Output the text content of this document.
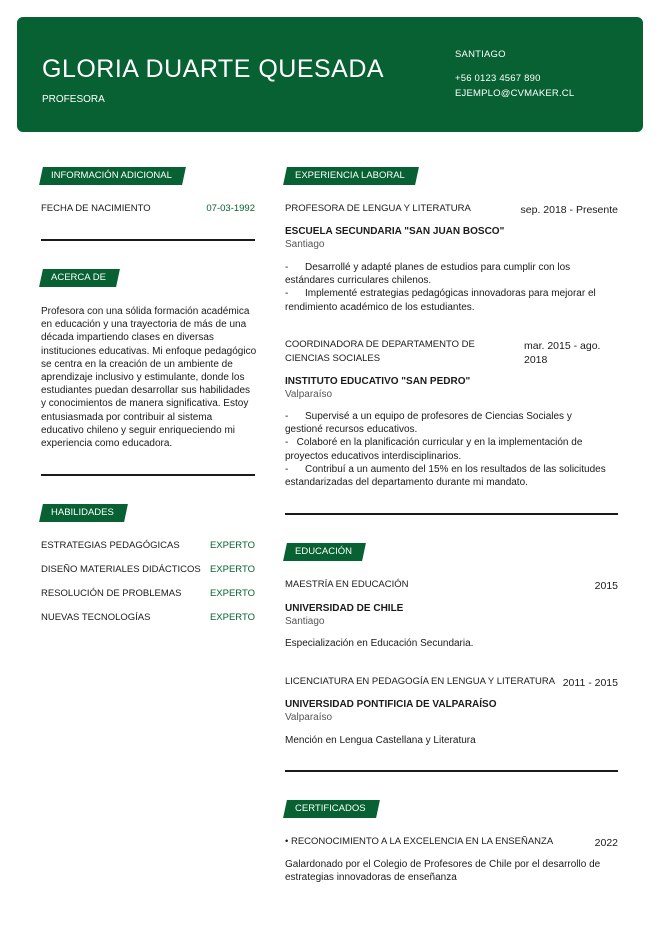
GLORIA DUARTE QUESADA
PROFESORA
SANTIAGO
+56 0123 4567 890
EJEMPLO@CVMAKER.CL
INFORMACIÓN ADICIONAL
FECHA DE NACIMIENTO	07-03-1992
ACERCA DE
Profesora con una sólida formación académica en educación y una trayectoria de más de una década impartiendo clases en diversas instituciones educativas. Mi enfoque pedagógico se centra en la creación de un ambiente de aprendizaje inclusivo y estimulante, donde los estudiantes puedan desarrollar sus habilidades y conocimientos de manera significativa. Estoy entusiasmada por contribuir al sistema educativo chileno y seguir enriqueciendo mi experiencia como educadora.
HABILIDADES
ESTRATEGIAS PEDAGÓGICAS	EXPERTO
DISEÑO MATERIALES DIDÁCTICOS EXPERTO
RESOLUCIÓN DE PROBLEMAS	EXPERTO
NUEVAS TECNOLOGÍAS	EXPERTO
EXPERIENCIA LABORAL
PROFESORA DE LENGUA Y LITERATURA	sep. 2018 - Presente
ESCUELA SECUNDARIA "SAN JUAN BOSCO"
Santiago
-      Desarrollé y adapté planes de estudios para cumplir con los estándares curriculares chilenos.
-      Implementé estrategias pedagógicas innovadoras para mejorar el rendimiento académico de los estudiantes.
COORDINADORA DE DEPARTAMENTO DE CIENCIAS SOCIALES
mar. 2015 - ago. 2018
INSTITUTO EDUCATIVO "SAN PEDRO"
Valparaíso
-      Supervisé a un equipo de profesores de Ciencias Sociales y gestioné recursos educativos.
-   Colaboré en la planificación curricular y en la implementación de proyectos educativos interdisciplinarios.
-      Contribuí a un aumento del 15% en los resultados de las solicitudes estandarizadas del departamento durante mi mandato.
EDUCACIÓN
MAESTRÍA EN EDUCACIÓN	2015
UNIVERSIDAD DE CHILE
Santiago
Especialización en Educación Secundaria.
LICENCIATURA EN PEDAGOGÍA EN LENGUA Y LITERATURA 2011 - 2015
UNIVERSIDAD PONTIFICIA DE VALPARAÍSO
Valparaíso
Mención en Lengua Castellana y Literatura
CERTIFICADOS
• RECONOCIMIENTO A LA EXCELENCIA EN LA ENSEÑANZA	2022
Galardonado por el Colegio de Profesores de Chile por el desarrollo de estrategias innovadoras de enseñanza
